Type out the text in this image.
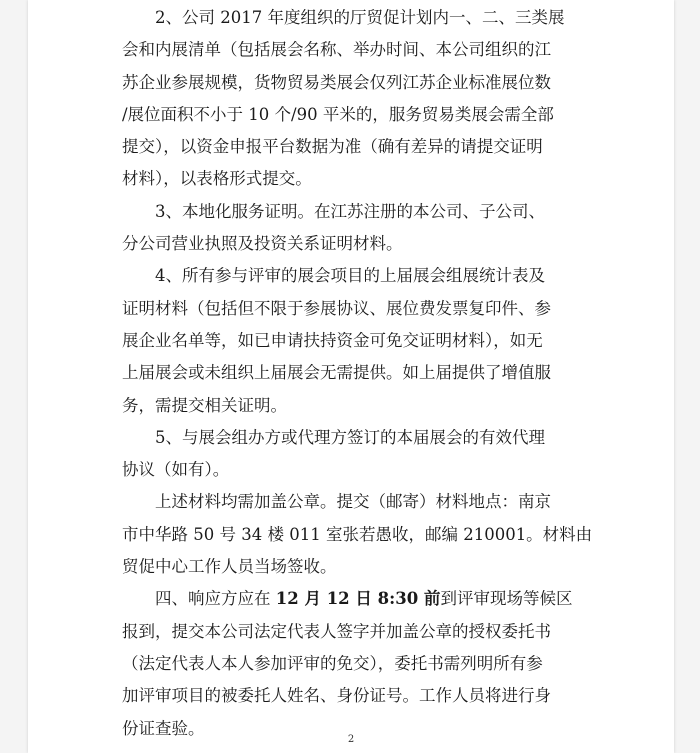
2、公司 2017 年度组织的厅贸促计划内一、二、三类展
会和内展清单（包括展会名称、举办时间、本公司组织的江
苏企业参展规模，货物贸易类展会仅列江苏企业标准展位数
/展位面积不小于 10 个/90 平米的，服务贸易类展会需全部
提交），以资金申报平台数据为准（确有差异的请提交证明
材料），以表格形式提交。
3、本地化服务证明。在江苏注册的本公司、子公司、
分公司营业执照及投资关系证明材料。
4、所有参与评审的展会项目的上届展会组展统计表及
证明材料（包括但不限于参展协议、展位费发票复印件、参
展企业名单等，如已申请扶持资金可免交证明材料），如无
上届展会或未组织上届展会无需提供。如上届提供了增值服
务，需提交相关证明。
5、与展会组办方或代理方签订的本届展会的有效代理
协议（如有）。
上述材料均需加盖公章。提交（邮寄）材料地点：南京
市中华路 50 号 34 楼 011 室张若愚收，邮编 210001。材料由
贸促中心工作人员当场签收。
四、响应方应在 12 月 12 日 8:30 前到评审现场等候区
报到，提交本公司法定代表人签字并加盖公章的授权委托书
（法定代表人本人参加评审的免交），委托书需列明所有参
加评审项目的被委托人姓名、身份证号。工作人员将进行身
份证查验。
2
